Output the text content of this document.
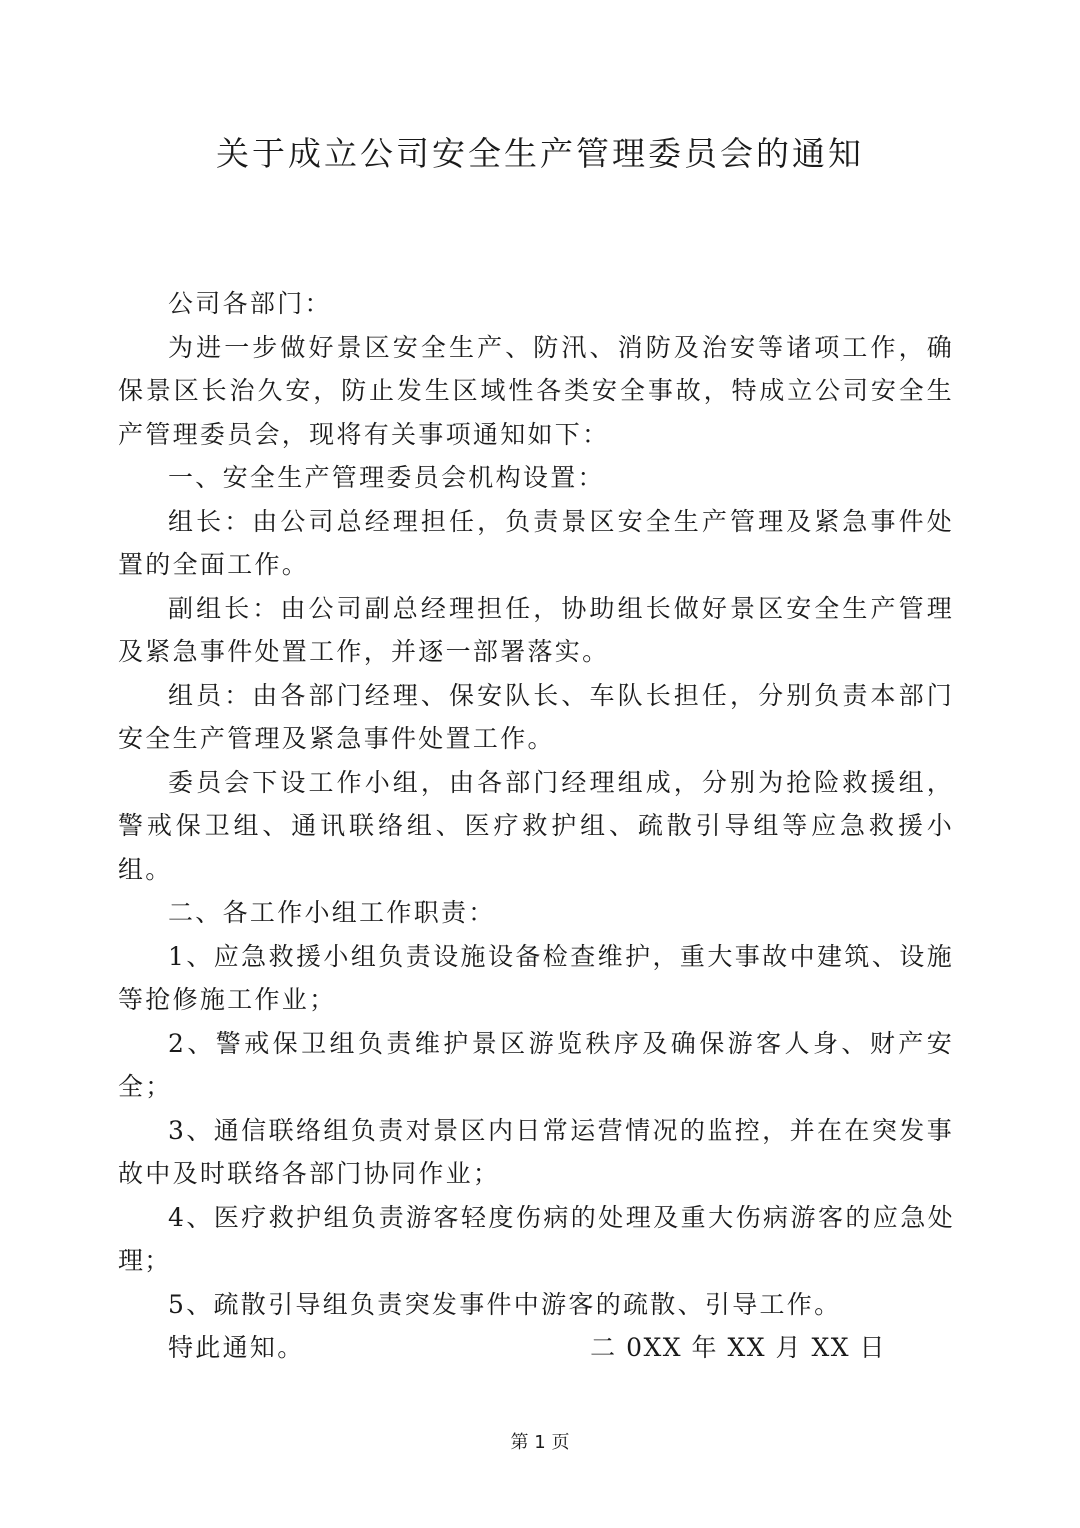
关于成立公司安全生产管理委员会的通知

公司各部门：

为进一步做好景区安全生产、防汛、消防及治安等诸项工作，确保景区长治久安，防止发生区域性各类安全事故，特成立公司安全生产管理委员会，现将有关事项通知如下：

一、安全生产管理委员会机构设置：

组长：由公司总经理担任，负责景区安全生产管理及紧急事件处置的全面工作。

副组长：由公司副总经理担任，协助组长做好景区安全生产管理及紧急事件处置工作，并逐一部署落实。

组员：由各部门经理、保安队长、车队长担任，分别负责本部门安全生产管理及紧急事件处置工作。

委员会下设工作小组，由各部门经理组成，分别为抢险救援组，警戒保卫组、通讯联络组、医疗救护组、疏散引导组等应急救援小组。

二、各工作小组工作职责：

1、应急救援小组负责设施设备检查维护，重大事故中建筑、设施等抢修施工作业；

2、警戒保卫组负责维护景区游览秩序及确保游客人身、财产安全；

3、通信联络组负责对景区内日常运营情况的监控，并在在突发事故中及时联络各部门协同作业；

4、医疗救护组负责游客轻度伤病的处理及重大伤病游客的应急处理；

5、疏散引导组负责突发事件中游客的疏散、引导工作。

特此通知。	二 0XX 年 XX 月 XX 日

第 1 页
